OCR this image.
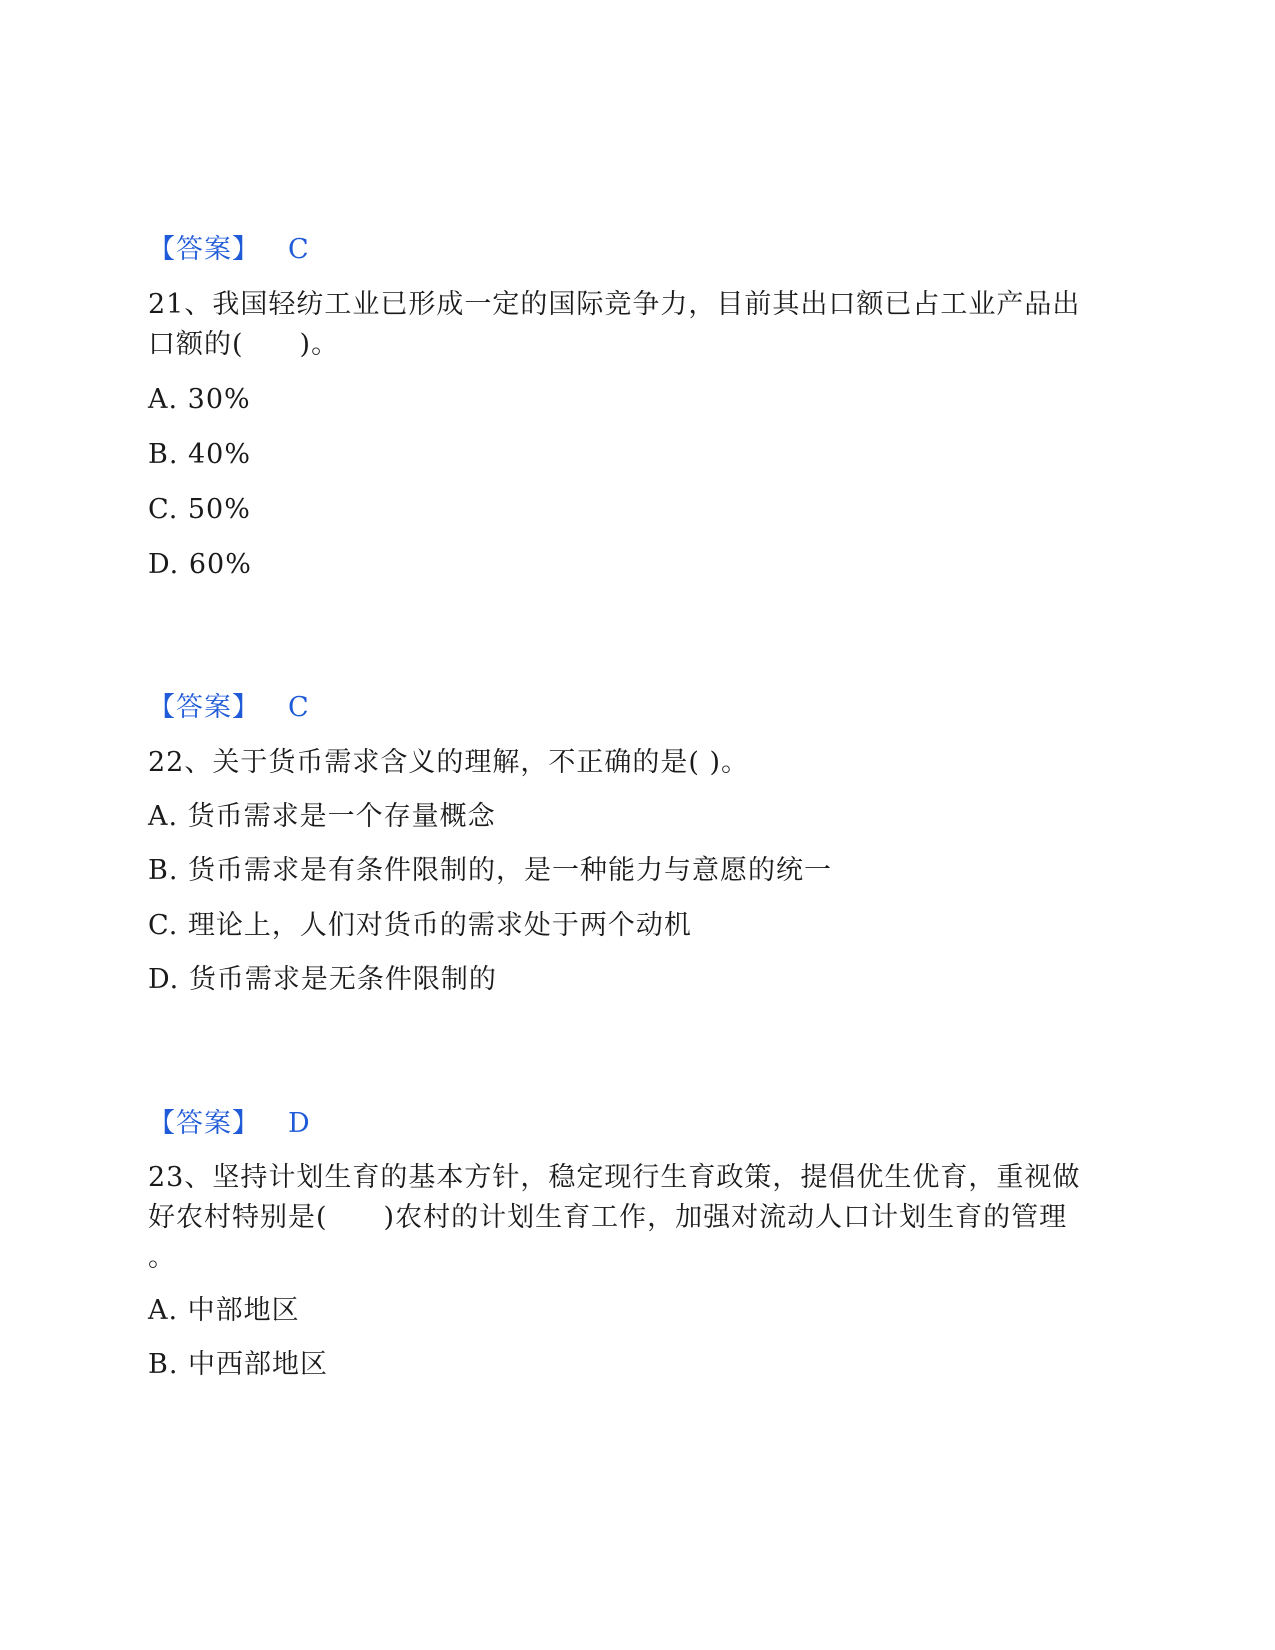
【答案】 C
21、我国轻纺工业已形成一定的国际竞争力，目前其出口额已占工业产品出
口额的(　　)。
A. 30%
B. 40%
C. 50%
D. 60%
【答案】 C
22、关于货币需求含义的理解，不正确的是( )。
A. 货币需求是一个存量概念
B. 货币需求是有条件限制的，是一种能力与意愿的统一
C. 理论上，人们对货币的需求处于两个动机
D. 货币需求是无条件限制的
【答案】 D
23、坚持计划生育的基本方针，稳定现行生育政策，提倡优生优育，重视做
好农村特别是(　　)农村的计划生育工作，加强对流动人口计划生育的管理
。
A. 中部地区
B. 中西部地区
